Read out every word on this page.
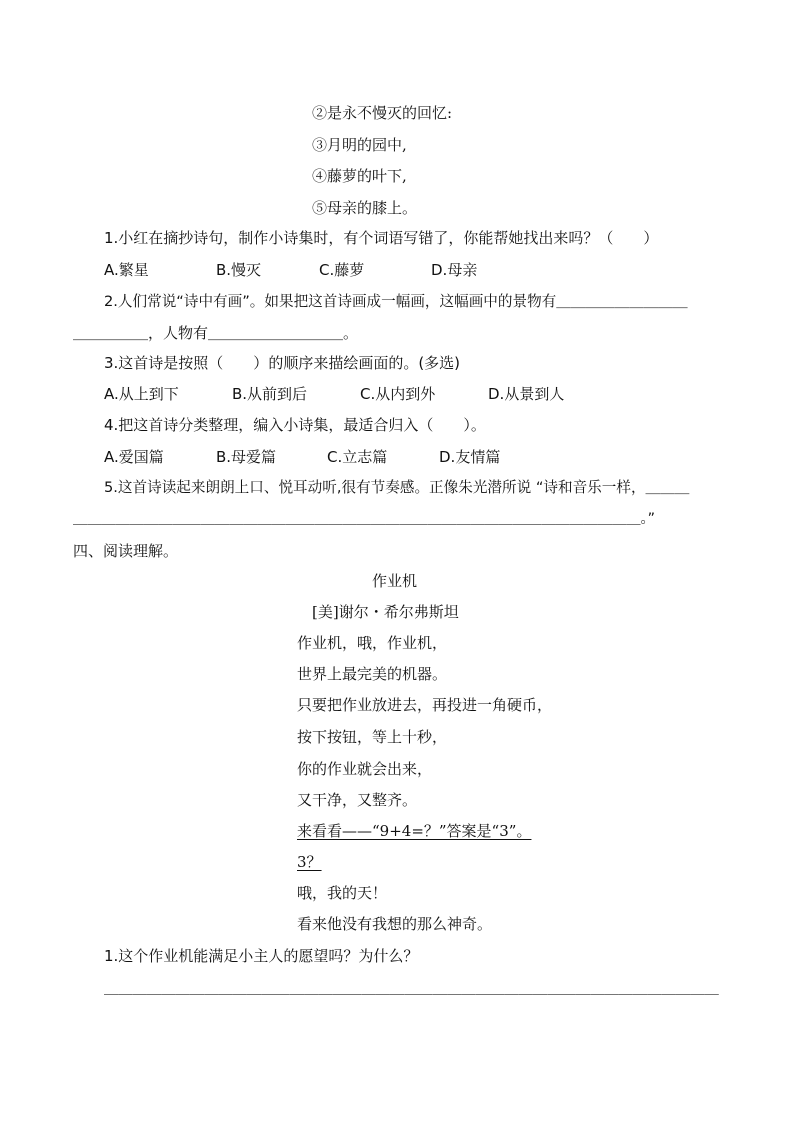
②是永不慢灭的回忆:
③月明的园中,
④藤萝的叶下,
⑤母亲的膝上。
1.小红在摘抄诗句，制作小诗集时，有个词语写错了，你能帮她找出来吗？（　　）
A.繁星	B.慢灭	C.藤萝	D.母亲
2.人们常说“诗中有画”。如果把这首诗画成一幅画，这幅画中的景物有＿＿＿＿＿＿＿＿＿
＿＿＿＿＿，人物有＿＿＿＿＿＿＿＿＿。
3.这首诗是按照（　　）的顺序来描绘画面的。(多选)
A.从上到下	B.从前到后	C.从内到外	D.从景到人
4.把这首诗分类整理，编入小诗集，最适合归入（　　）。
A.爱国篇	B.母爱篇	C.立志篇	D.友情篇
5.这首诗读起来朗朗上口、悦耳动听,很有节奏感。正像朱光潜所说 “诗和音乐一样，＿＿＿
＿＿＿＿＿＿＿＿＿＿＿＿＿＿＿＿＿＿＿＿＿＿＿＿＿＿＿＿＿＿＿＿＿＿＿＿＿＿＿＿。”
四、阅读理解。
作业机
[美]谢尔・希尔弗斯坦
作业机，哦，作业机，
世界上最完美的机器。
只要把作业放进去，再投进一角硬币，
按下按钮，等上十秒，
你的作业就会出来，
又干净，又整齐。
来看看——“9+4=？”答案是“3”。
3？
哦，我的天！
看来他没有我想的那么神奇。
1.这个作业机能满足小主人的愿望吗？为什么？
＿＿＿＿＿＿＿＿＿＿＿＿＿＿＿＿＿＿＿＿＿＿＿＿＿＿＿＿＿＿＿＿＿＿＿＿＿＿＿＿＿＿＿
